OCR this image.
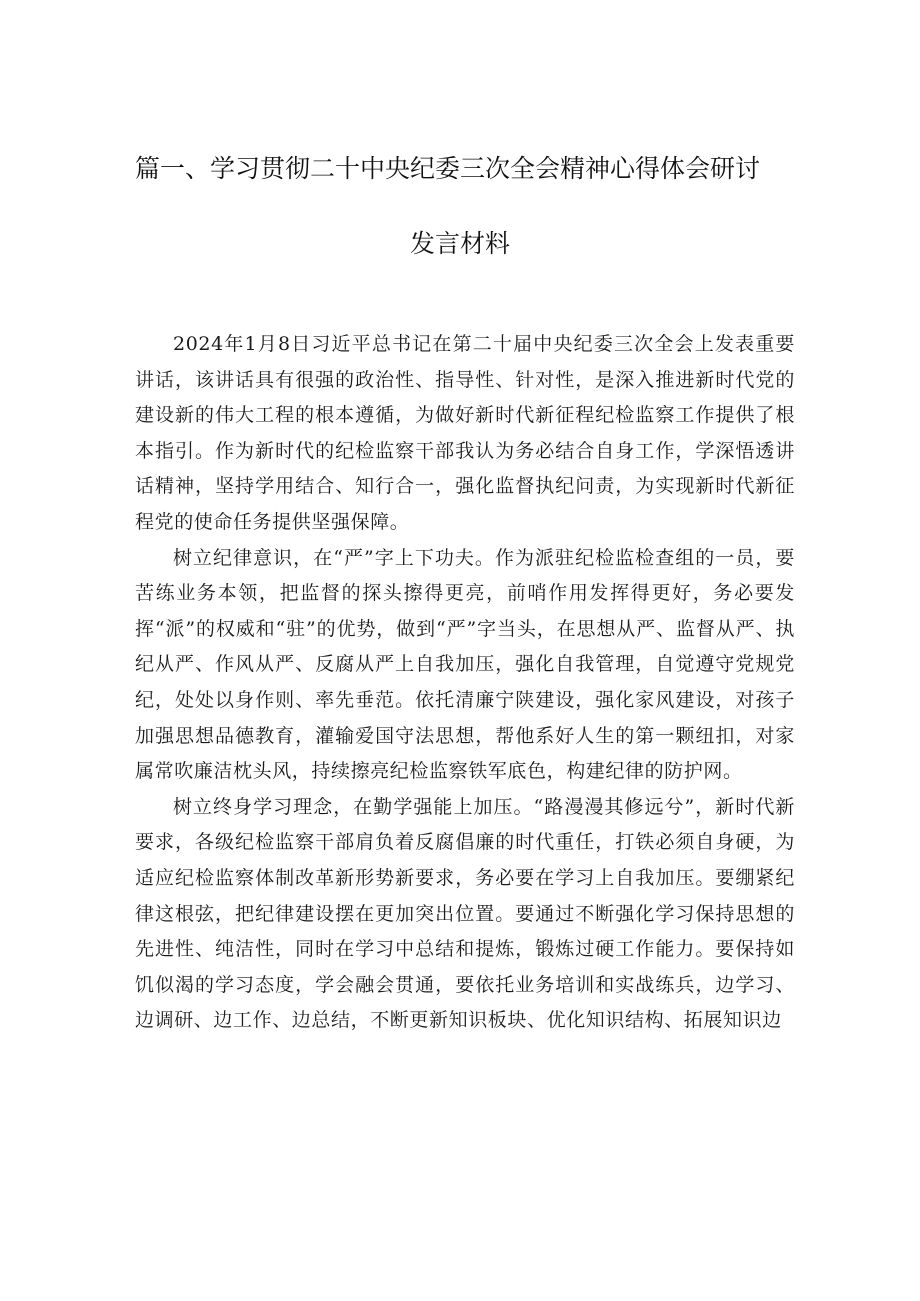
篇一、学习贯彻二十中央纪委三次全会精神心得体会研讨
发言材料

2024年1月8日习近平总书记在第二十届中央纪委三次全会上发表重要讲话，该讲话具有很强的政治性、指导性、针对性，是深入推进新时代党的建设新的伟大工程的根本遵循，为做好新时代新征程纪检监察工作提供了根本指引。作为新时代的纪检监察干部我认为务必结合自身工作，学深悟透讲话精神，坚持学用结合、知行合一，强化监督执纪问责，为实现新时代新征程党的使命任务提供坚强保障。

树立纪律意识，在“严”字上下功夫。作为派驻纪检监检查组的一员，要苦练业务本领，把监督的探头擦得更亮，前哨作用发挥得更好，务必要发挥“派”的权威和“驻”的优势，做到“严”字当头，在思想从严、监督从严、执纪从严、作风从严、反腐从严上自我加压，强化自我管理，自觉遵守党规党纪，处处以身作则、率先垂范。依托清廉宁陕建设，强化家风建设，对孩子加强思想品德教育，灌输爱国守法思想，帮他系好人生的第一颗纽扣，对家属常吹廉洁枕头风，持续擦亮纪检监察铁军底色，构建纪律的防护网。

树立终身学习理念，在勤学强能上加压。“路漫漫其修远兮”，新时代新要求，各级纪检监察干部肩负着反腐倡廉的时代重任，打铁必须自身硬，为适应纪检监察体制改革新形势新要求，务必要在学习上自我加压。要绷紧纪律这根弦，把纪律建设摆在更加突出位置。要通过不断强化学习保持思想的先进性、纯洁性，同时在学习中总结和提炼，锻炼过硬工作能力。要保持如饥似渴的学习态度，学会融会贯通，要依托业务培训和实战练兵，边学习、边调研、边工作、边总结，不断更新知识板块、优化知识结构、拓展知识边
